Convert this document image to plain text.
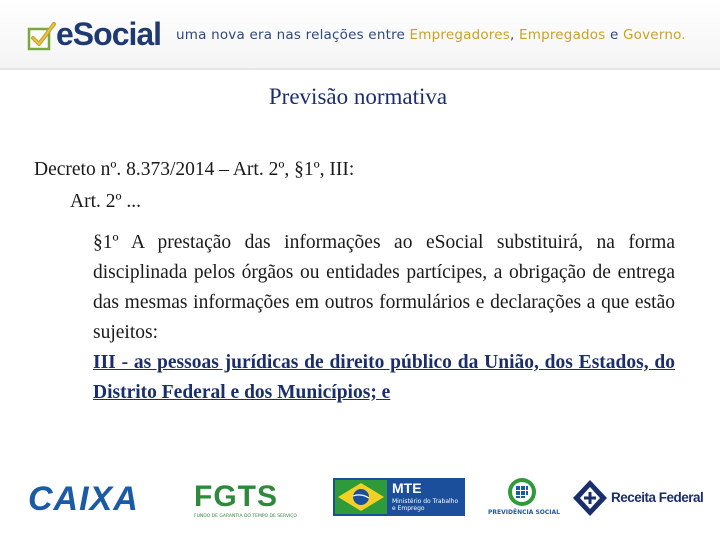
eSocial uma nova era nas relações entre Empregadores, Empregados e Governo.
Previsão normativa
Decreto nº. 8.373/2014 – Art. 2º, §1º, III:
Art. 2º ...
§1º A prestação das informações ao eSocial substituirá, na forma disciplinada pelos órgãos ou entidades partícipes, a obrigação de entrega das mesmas informações em outros formulários e declarações a que estão sujeitos:
III - as pessoas jurídicas de direito público da União, dos Estados, do Distrito Federal e dos Municípios; e
CAIXA FGTS
FUNDO DE GARANTIA DO TEMPO DE SERVIÇO
MTE
Ministério do Trabalho e Emprego
PREVIDÊNCIA SOCIAL
Receita Federal
